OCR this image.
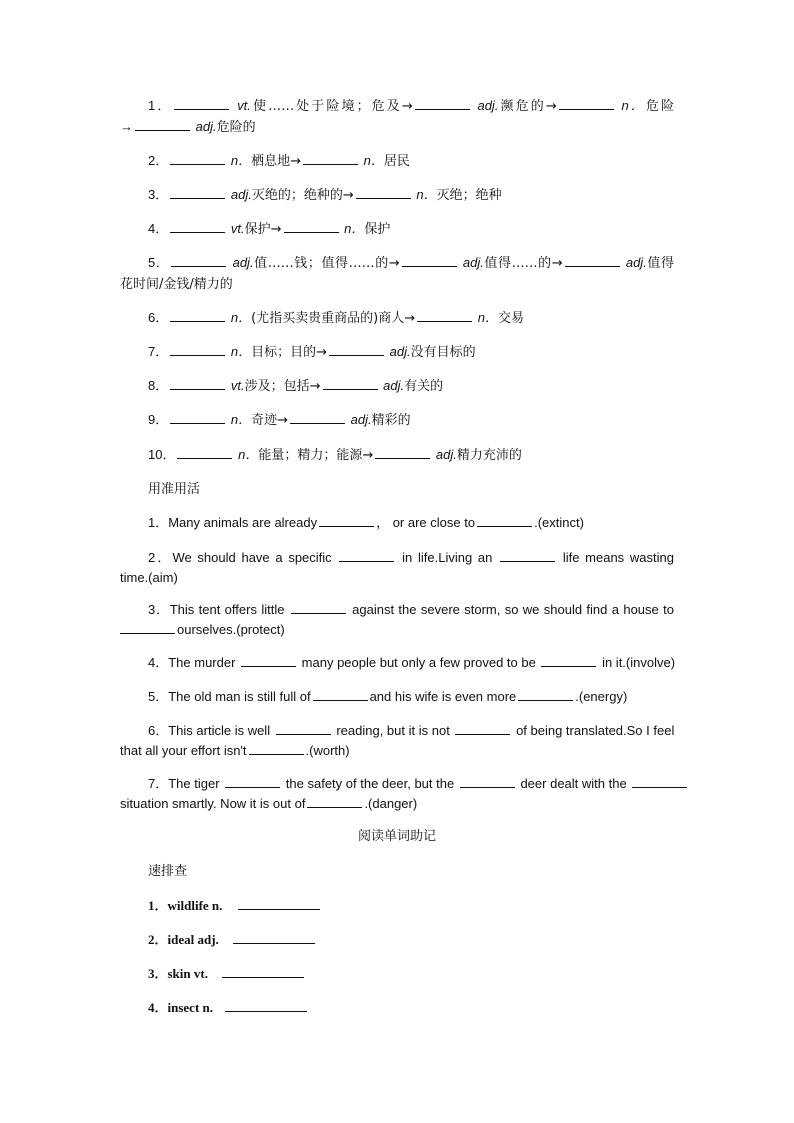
1．	vt.使……处于险境；危及→	adj.濒危的→	n．危险
→	adj.危险的
2．	n．栖息地→	n．居民
3．	adj.灭绝的；绝种的→	n．灭绝；绝种
4．	vt.保护→	n．保护
5．	adj.值……钱；值得……的→	adj.值得……的→	adj.值得
花时间/金钱/精力的
6．	n．(尤指买卖贵重商品的)商人→	n．交易
7．	n．目标；目的→	adj.没有目标的
8．	vt.涉及；包括→	adj.有关的
9．	n．奇迹→	adj.精彩的
10．	n．能量；精力；能源→	adj.精力充沛的
用准用活
1．Many animals are already	， or are close to	.(extinct)
2．We should have a specific	in life.Living an	life means wasting
time.(aim)
3．This tent offers little	against the severe storm, so we should find a house to
ourselves.(protect)
4．The murder	many people but only a few proved to be	in it.(involve)
5．The old man is still full of	and his wife is even more	.(energy)
6．This article is well	reading, but it is not	of being translated.So I feel
that all your effort isn't	.(worth)
7．The tiger	the safety of the deer, but the	deer dealt with the
situation smartly. Now it is out of	.(danger)
阅读单词助记
速排查
1．wildlife n.
2．ideal adj.
3．skin vt.
4．insect n.
